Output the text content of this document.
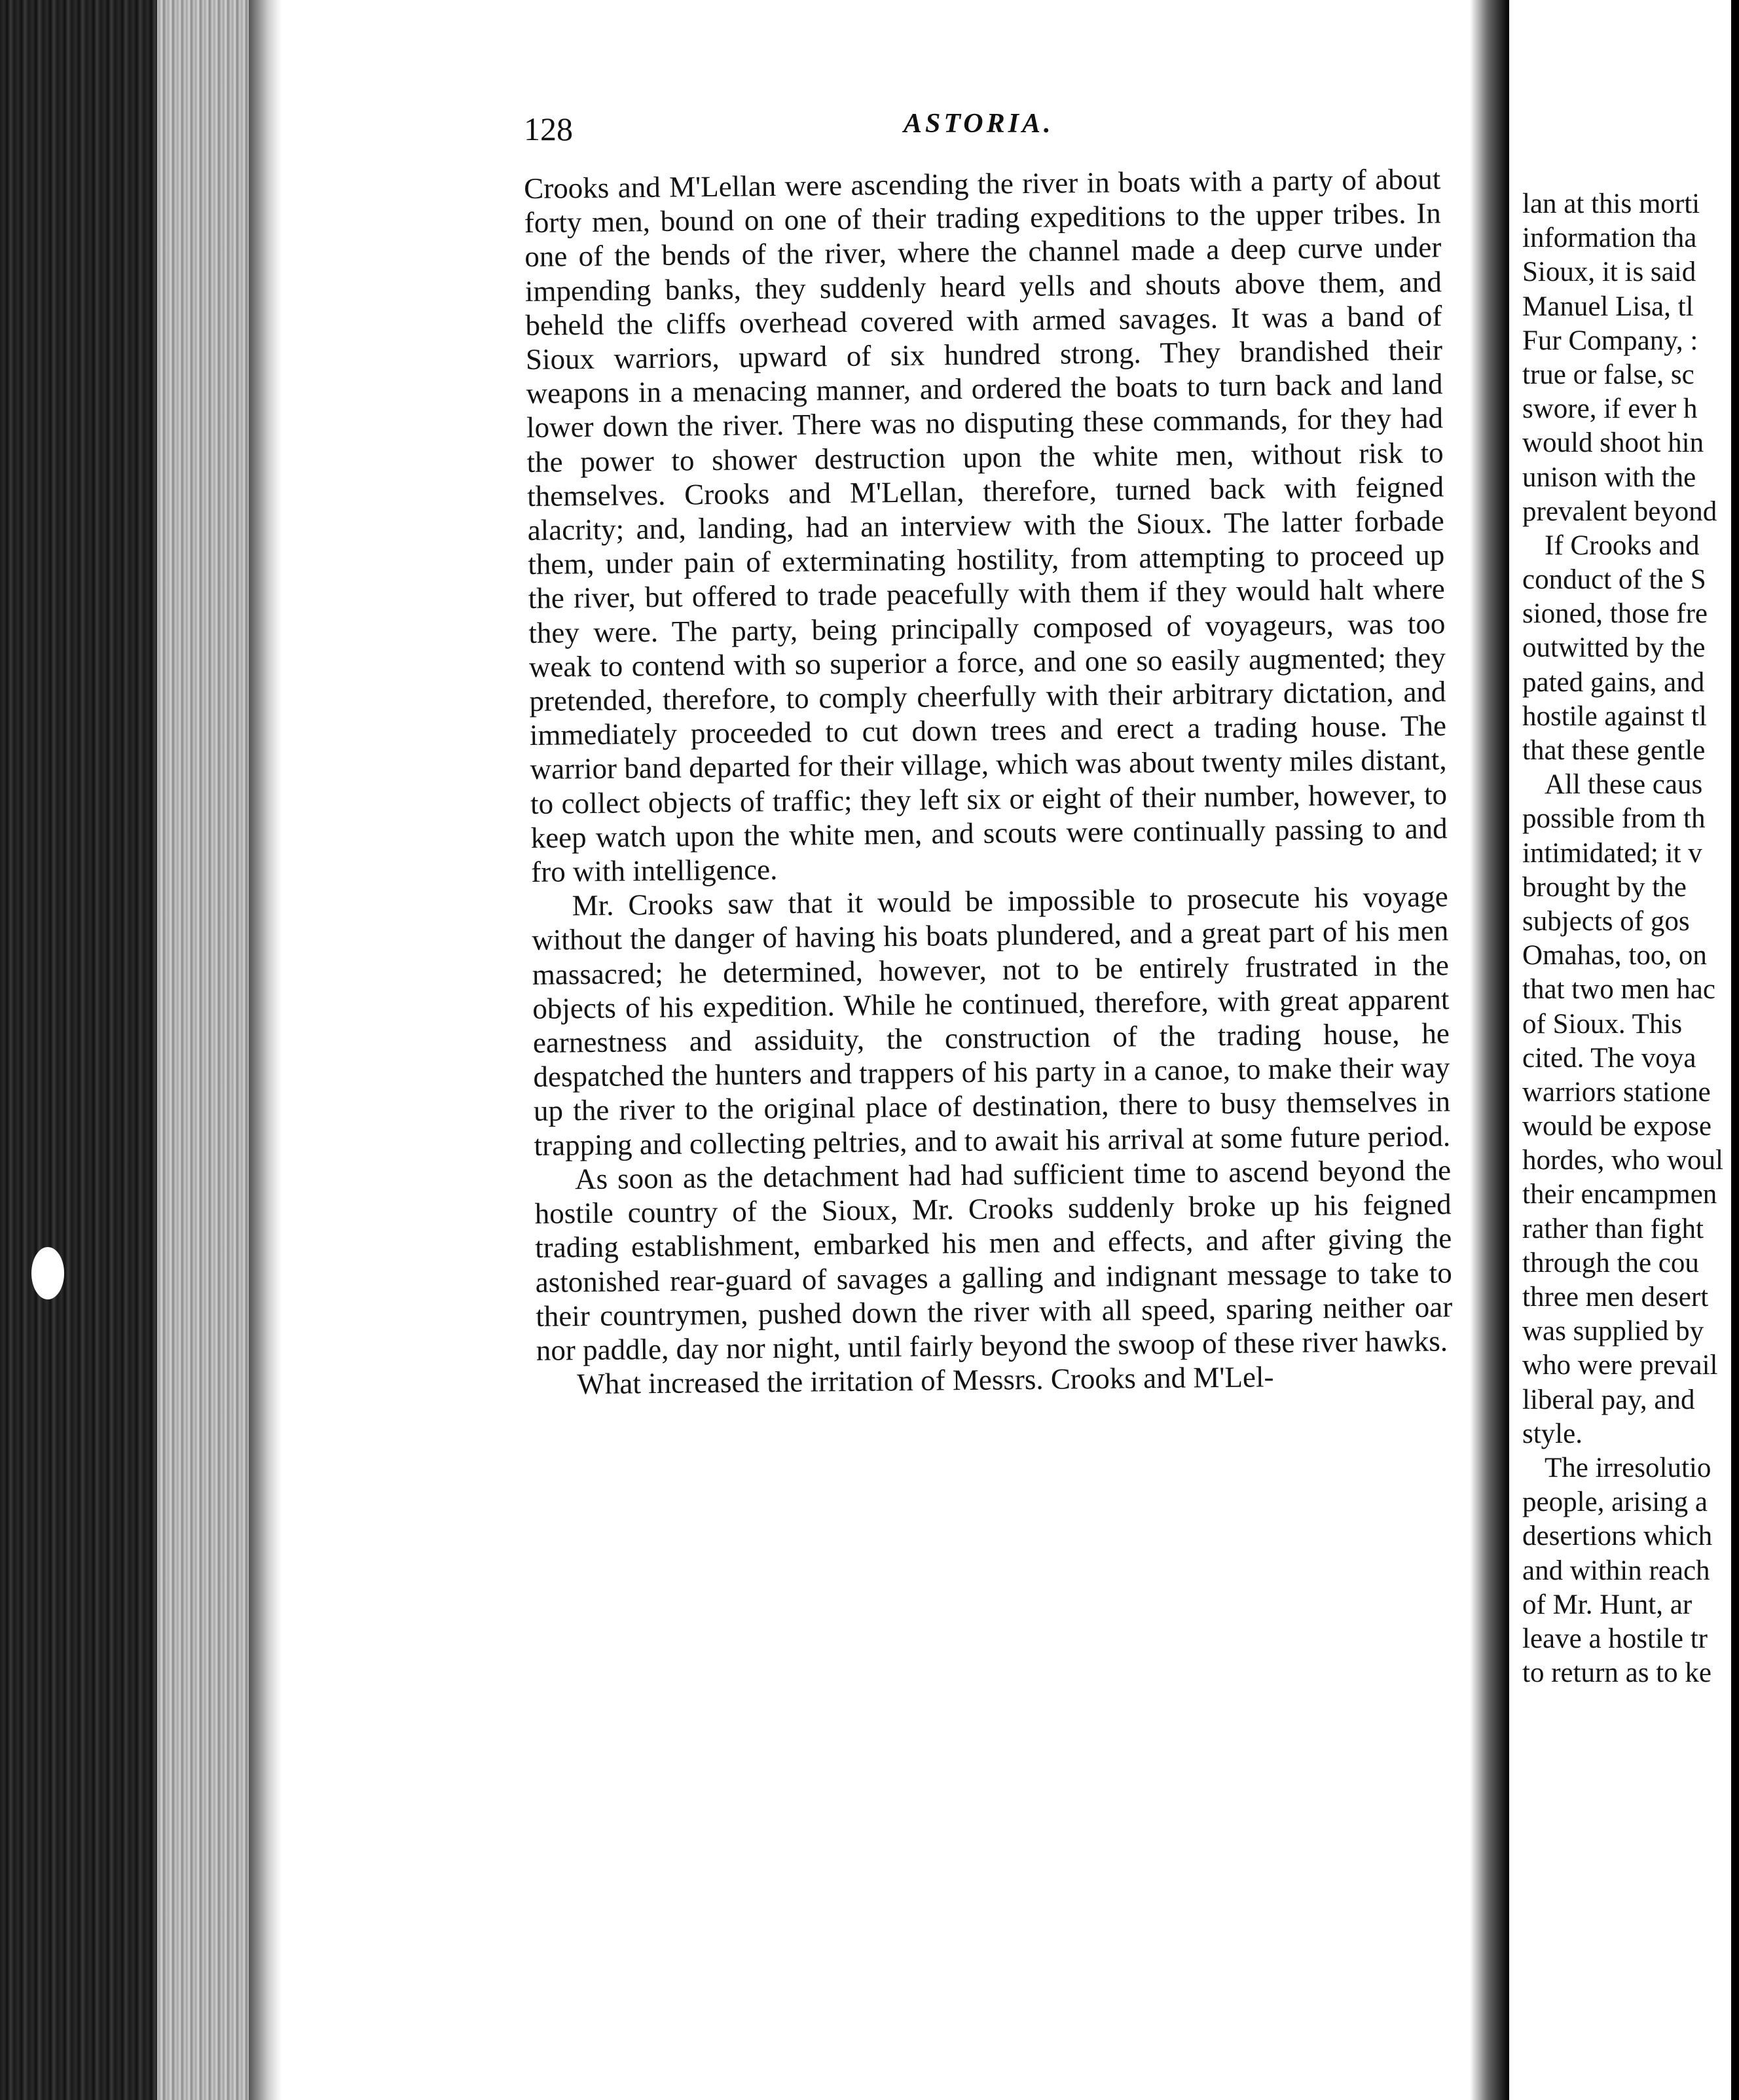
128	ASTORIA.

Crooks and M'Lellan were ascending the river in boats with a party of about forty men, bound on one of their trading expeditions to the upper tribes. In one of the bends of the river, where the channel made a deep curve under impending banks, they suddenly heard yells and shouts above them, and beheld the cliffs overhead covered with armed savages. It was a band of Sioux warriors, upward of six hundred strong. They brandished their weapons in a menacing manner, and ordered the boats to turn back and land lower down the river. There was no disputing these commands, for they had the power to shower destruction upon the white men, without risk to themselves. Crooks and M'Lellan, therefore, turned back with feigned alacrity; and, landing, had an interview with the Sioux. The latter forbade them, under pain of exterminating hostility, from attempting to proceed up the river, but offered to trade peacefully with them if they would halt where they were. The party, being principally composed of voyageurs, was too weak to contend with so superior a force, and one so easily augmented; they pretended, therefore, to comply cheerfully with their arbitrary dictation, and immediately proceeded to cut down trees and erect a trading house. The warrior band departed for their village, which was about twenty miles distant, to collect objects of traffic; they left six or eight of their number, however, to keep watch upon the white men, and scouts were continually passing to and fro with intelligence.

Mr. Crooks saw that it would be impossible to prosecute his voyage without the danger of having his boats plundered, and a great part of his men massacred; he determined, however, not to be entirely frustrated in the objects of his expedition. While he continued, therefore, with great apparent earnestness and assiduity, the construction of the trading house, he despatched the hunters and trappers of his party in a canoe, to make their way up the river to the original place of destination, there to busy themselves in trapping and collecting peltries, and to await his arrival at some future period.

As soon as the detachment had had sufficient time to ascend beyond the hostile country of the Sioux, Mr. Crooks suddenly broke up his feigned trading establishment, embarked his men and effects, and after giving the astonished rear-guard of savages a galling and indignant message to take to their countrymen, pushed down the river with all speed, sparing neither oar nor paddle, day nor night, until fairly beyond the swoop of these river hawks.

What increased the irritation of Messrs. Crooks and M'Lel-

lan at this morti
information tha
Sioux, it is said
Manuel Lisa, tl
Fur Company, :
true or false, sc
swore, if ever h
would shoot hin
unison with the
prevalent beyond
If Crooks and
conduct of the S
sioned, those fre
outwitted by the
pated gains, and
hostile against tl
that these gentle
All these caus
possible from th
intimidated; it v
brought by the
subjects of gos
Omahas, too, on
that two men hac
of Sioux. This
cited. The voya
warriors statione
would be expose
hordes, who woul
their encampmen
rather than fight
through the cou
three men desert
was supplied by
who were prevail
liberal pay, and
style.
The irresolutio
people, arising a
desertions which
and within reach
of Mr. Hunt, ar
leave a hostile tr
to return as to ke
